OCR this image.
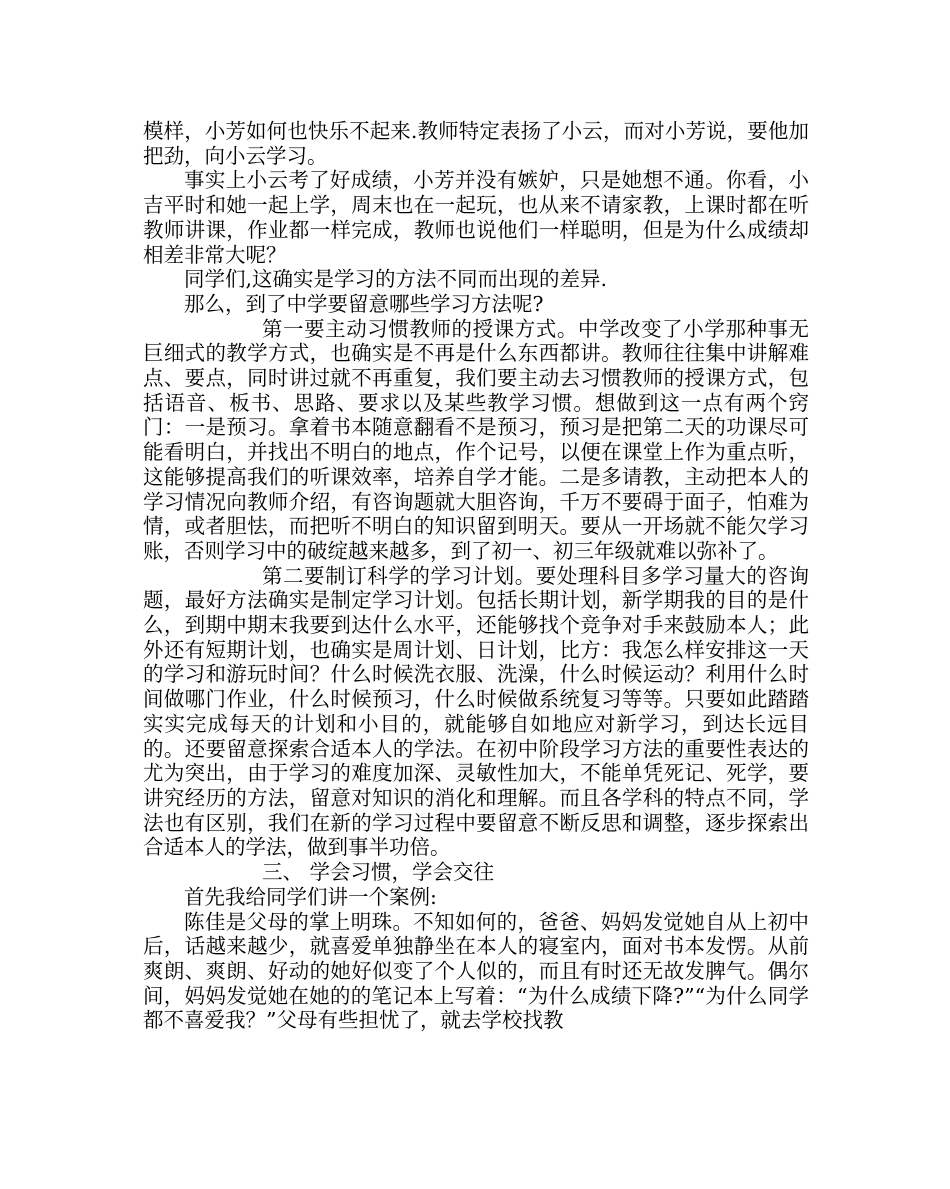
模样，小芳如何也快乐不起来.教师特定表扬了小云，而对小芳说，要他加把劲，向小云学习。

事实上小云考了好成绩，小芳并没有嫉妒，只是她想不通。你看，小吉平时和她一起上学，周末也在一起玩，也从来不请家教，上课时都在听教师讲课，作业都一样完成，教师也说他们一样聪明，但是为什么成绩却相差非常大呢？

同学们,这确实是学习的方法不同而出现的差异.

那么，到了中学要留意哪些学习方法呢?

第一要主动习惯教师的授课方式。中学改变了小学那种事无巨细式的教学方式，也确实是不再是什么东西都讲。教师往往集中讲解难点、要点，同时讲过就不再重复，我们要主动去习惯教师的授课方式，包括语音、板书、思路、要求以及某些教学习惯。想做到这一点有两个窍门：一是预习。拿着书本随意翻看不是预习，预习是把第二天的功课尽可能看明白，并找出不明白的地点，作个记号，以便在课堂上作为重点听，这能够提高我们的听课效率，培养自学才能。二是多请教，主动把本人的学习情况向教师介绍，有咨询题就大胆咨询，千万不要碍于面子，怕难为情，或者胆怯，而把听不明白的知识留到明天。要从一开场就不能欠学习账，否则学习中的破绽越来越多，到了初一、初三年级就难以弥补了。

第二要制订科学的学习计划。要处理科目多学习量大的咨询题，最好方法确实是制定学习计划。包括长期计划，新学期我的目的是什么，到期中期末我要到达什么水平，还能够找个竞争对手来鼓励本人；此外还有短期计划，也确实是周计划、日计划，比方：我怎么样安排这一天的学习和游玩时间？什么时候洗衣服、洗澡，什么时候运动？利用什么时间做哪门作业，什么时候预习，什么时候做系统复习等等。只要如此踏踏实实完成每天的计划和小目的，就能够自如地应对新学习，到达长远目的。还要留意探索合适本人的学法。在初中阶段学习方法的重要性表达的尤为突出，由于学习的难度加深、灵敏性加大，不能单凭死记、死学，要讲究经历的方法，留意对知识的消化和理解。而且各学科的特点不同，学法也有区别，我们在新的学习过程中要留意不断反思和调整，逐步探索出合适本人的学法，做到事半功倍。

三、 学会习惯，学会交往

首先我给同学们讲一个案例:

陈佳是父母的掌上明珠。不知如何的，爸爸、妈妈发觉她自从上初中后，话越来越少，就喜爱单独静坐在本人的寝室内，面对书本发愣。从前爽朗、爽朗、好动的她好似变了个人似的，而且有时还无故发脾气。偶尔间，妈妈发觉她在她的的笔记本上写着：“为什么成绩下降?”“为什么同学都不喜爱我？”父母有些担忧了，就去学校找教
